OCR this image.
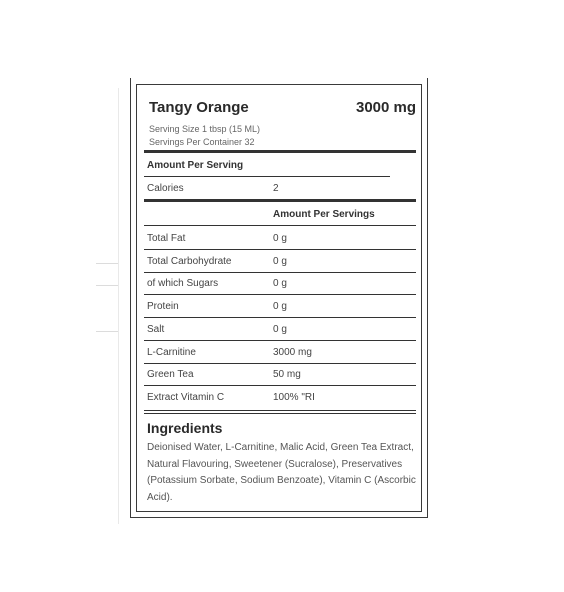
Tangy Orange	3000 mg
Serving Size 1 tbsp (15 ML)
Servings Per Container 32
Amount Per Serving
Calories	2
Amount Per Servings
Total Fat	0 g
Total Carbohydrate	0 g
of which Sugars	0 g
Protein	0 g
Salt	0 g
L-Carnitine	3000 mg
Green Tea	50 mg
Extract Vitamin C	100% "RI
Ingredients
Deionised Water, L-Carnitine, Malic Acid, Green Tea Extract, Natural Flavouring, Sweetener (Sucralose), Preservatives (Potassium Sorbate, Sodium Benzoate), Vitamin C (Ascorbic Acid).
